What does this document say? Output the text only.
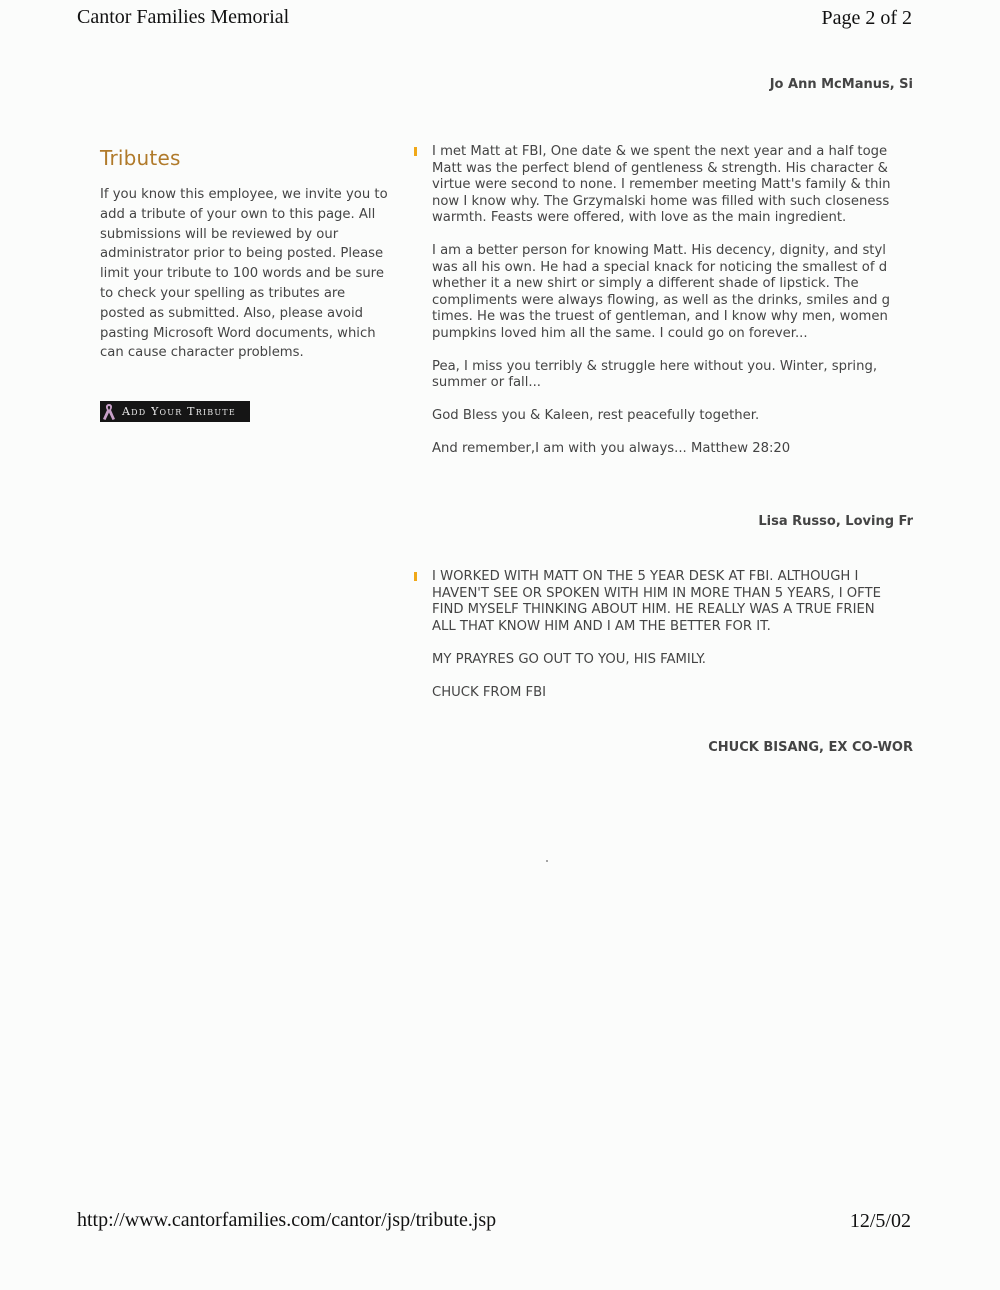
Cantor Families Memorial	Page 2 of 2
Tributes

If you know this employee, we invite you to add a tribute of your own to this page. All submissions will be reviewed by our administrator prior to being posted. Please limit your tribute to 100 words and be sure to check your spelling as tributes are posted as submitted. Also, please avoid pasting Microsoft Word documents, which can cause character problems.

Add Your Tribute
Jo Ann McManus, Si

I met Matt at FBI, One date & we spent the next year and a half toge
Matt was the perfect blend of gentleness & strength. His character &
virtue were second to none. I remember meeting Matt's family & thin
now I know why. The Grzymalski home was filled with such closeness
warmth. Feasts were offered, with love as the main ingredient.

I am a better person for knowing Matt. His decency, dignity, and styl
was all his own. He had a special knack for noticing the smallest of d
whether it a new shirt or simply a different shade of lipstick. The
compliments were always flowing, as well as the drinks, smiles and g
times. He was the truest of gentleman, and I know why men, women
pumpkins loved him all the same. I could go on forever...

Pea, I miss you terribly & struggle here without you. Winter, spring,
summer or fall...

God Bless you & Kaleen, rest peacefully together.

And remember,I am with you always... Matthew 28:20

Lisa Russo, Loving Fr

I WORKED WITH MATT ON THE 5 YEAR DESK AT FBI. ALTHOUGH I
HAVEN'T SEE OR SPOKEN WITH HIM IN MORE THAN 5 YEARS, I OFTE
FIND MYSELF THINKING ABOUT HIM. HE REALLY WAS A TRUE FRIEN
ALL THAT KNOW HIM AND I AM THE BETTER FOR IT.

MY PRAYRES GO OUT TO YOU, HIS FAMILY.

CHUCK FROM FBI

CHUCK BISANG, EX CO-WOR
http://www.cantorfamilies.com/cantor/jsp/tribute.jsp	12/5/02
